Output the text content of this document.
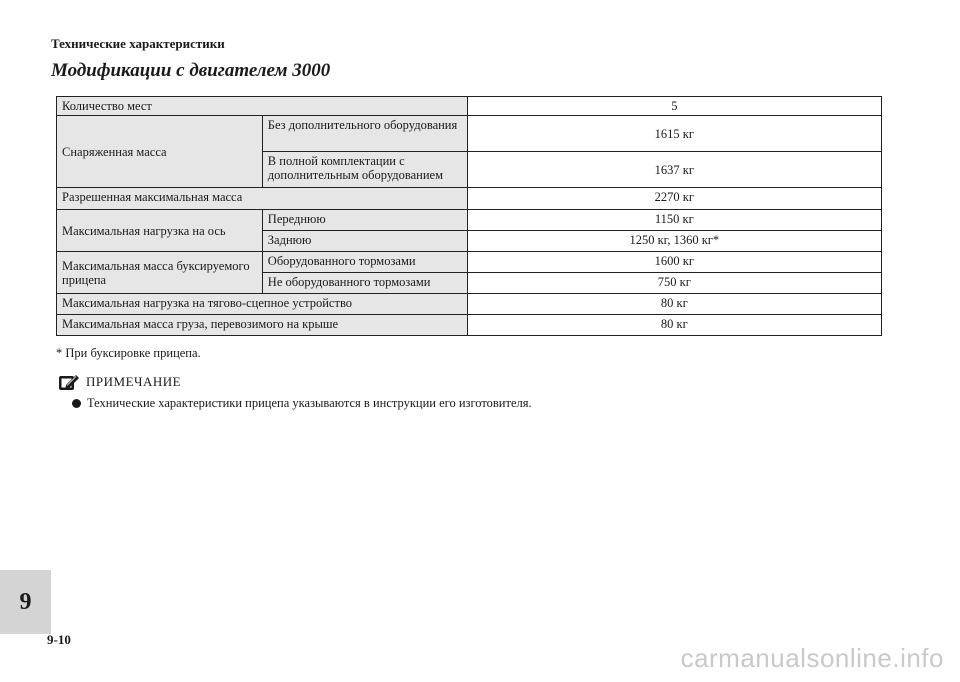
Технические характеристики
Модификации с двигателем 3000
Количество мест		5
Снаряженная масса	Без дополнительного оборудования	1615 кг
	В полной комплектации с дополнительным оборудованием	1637 кг
Разрешенная максимальная масса		2270 кг
Максимальная нагрузка на ось	Переднюю	1150 кг
	Заднюю	1250 кг, 1360 кг*
Максимальная масса буксируемого прицепа	Оборудованного тормозами	1600 кг
	Не оборудованного тормозами	750 кг
Максимальная нагрузка на тягово-сцепное устройство		80 кг
Максимальная масса груза, перевозимого на крыше		80 кг
* При буксировке прицепа.
ПРИМЕЧАНИЕ
Технические характеристики прицепа указываются в инструкции его изготовителя.
9
9-10
carmanualsonline.info
